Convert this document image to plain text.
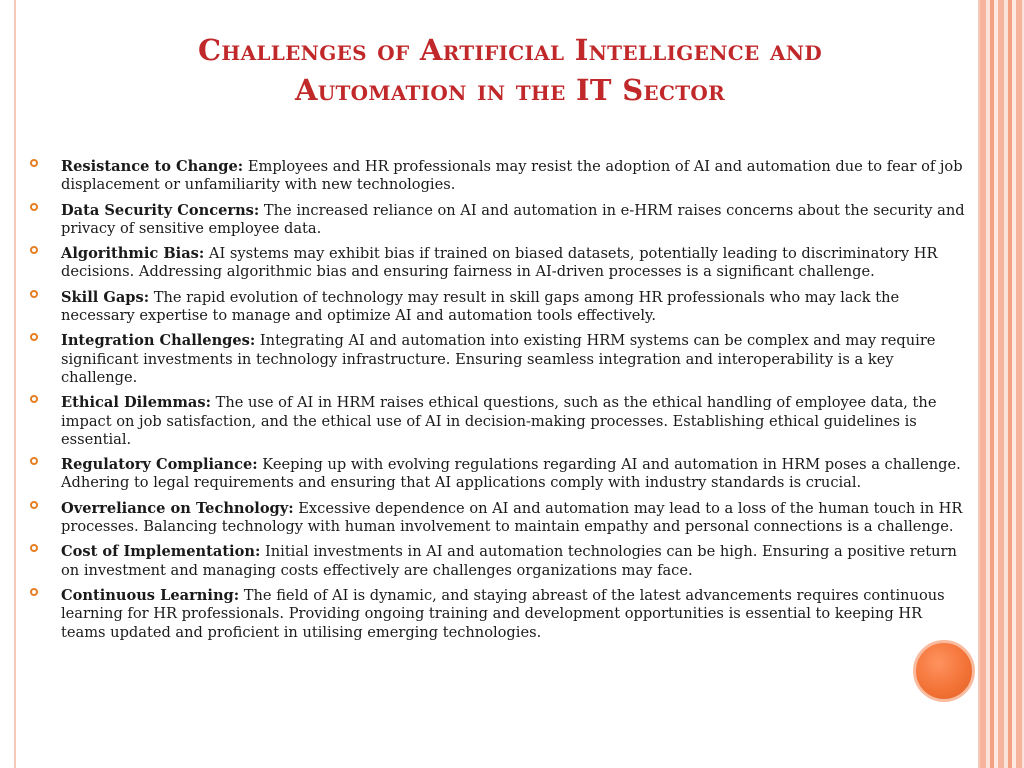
Challenges of Artificial Intelligence and
Automation in the IT Sector
Resistance to Change: Employees and HR professionals may resist the adoption of AI and automation due to fear of job displacement or unfamiliarity with new technologies.
Data Security Concerns: The increased reliance on AI and automation in e-HRM raises concerns about the security and privacy of sensitive employee data.
Algorithmic Bias: AI systems may exhibit bias if trained on biased datasets, potentially leading to discriminatory HR decisions. Addressing algorithmic bias and ensuring fairness in AI-driven processes is a significant challenge.
Skill Gaps: The rapid evolution of technology may result in skill gaps among HR professionals who may lack the necessary expertise to manage and optimize AI and automation tools effectively.
Integration Challenges: Integrating AI and automation into existing HRM systems can be complex and may require significant investments in technology infrastructure. Ensuring seamless integration and interoperability is a key challenge.
Ethical Dilemmas: The use of AI in HRM raises ethical questions, such as the ethical handling of employee data, the impact on job satisfaction, and the ethical use of AI in decision-making processes. Establishing ethical guidelines is essential.
Regulatory Compliance: Keeping up with evolving regulations regarding AI and automation in HRM poses a challenge. Adhering to legal requirements and ensuring that AI applications comply with industry standards is crucial.
Overreliance on Technology: Excessive dependence on AI and automation may lead to a loss of the human touch in HR processes. Balancing technology with human involvement to maintain empathy and personal connections is a challenge.
Cost of Implementation: Initial investments in AI and automation technologies can be high. Ensuring a positive return on investment and managing costs effectively are challenges organizations may face.
Continuous Learning: The field of AI is dynamic, and staying abreast of the latest advancements requires continuous learning for HR professionals. Providing ongoing training and development opportunities is essential to keeping HR teams updated and proficient in utilising emerging technologies.
